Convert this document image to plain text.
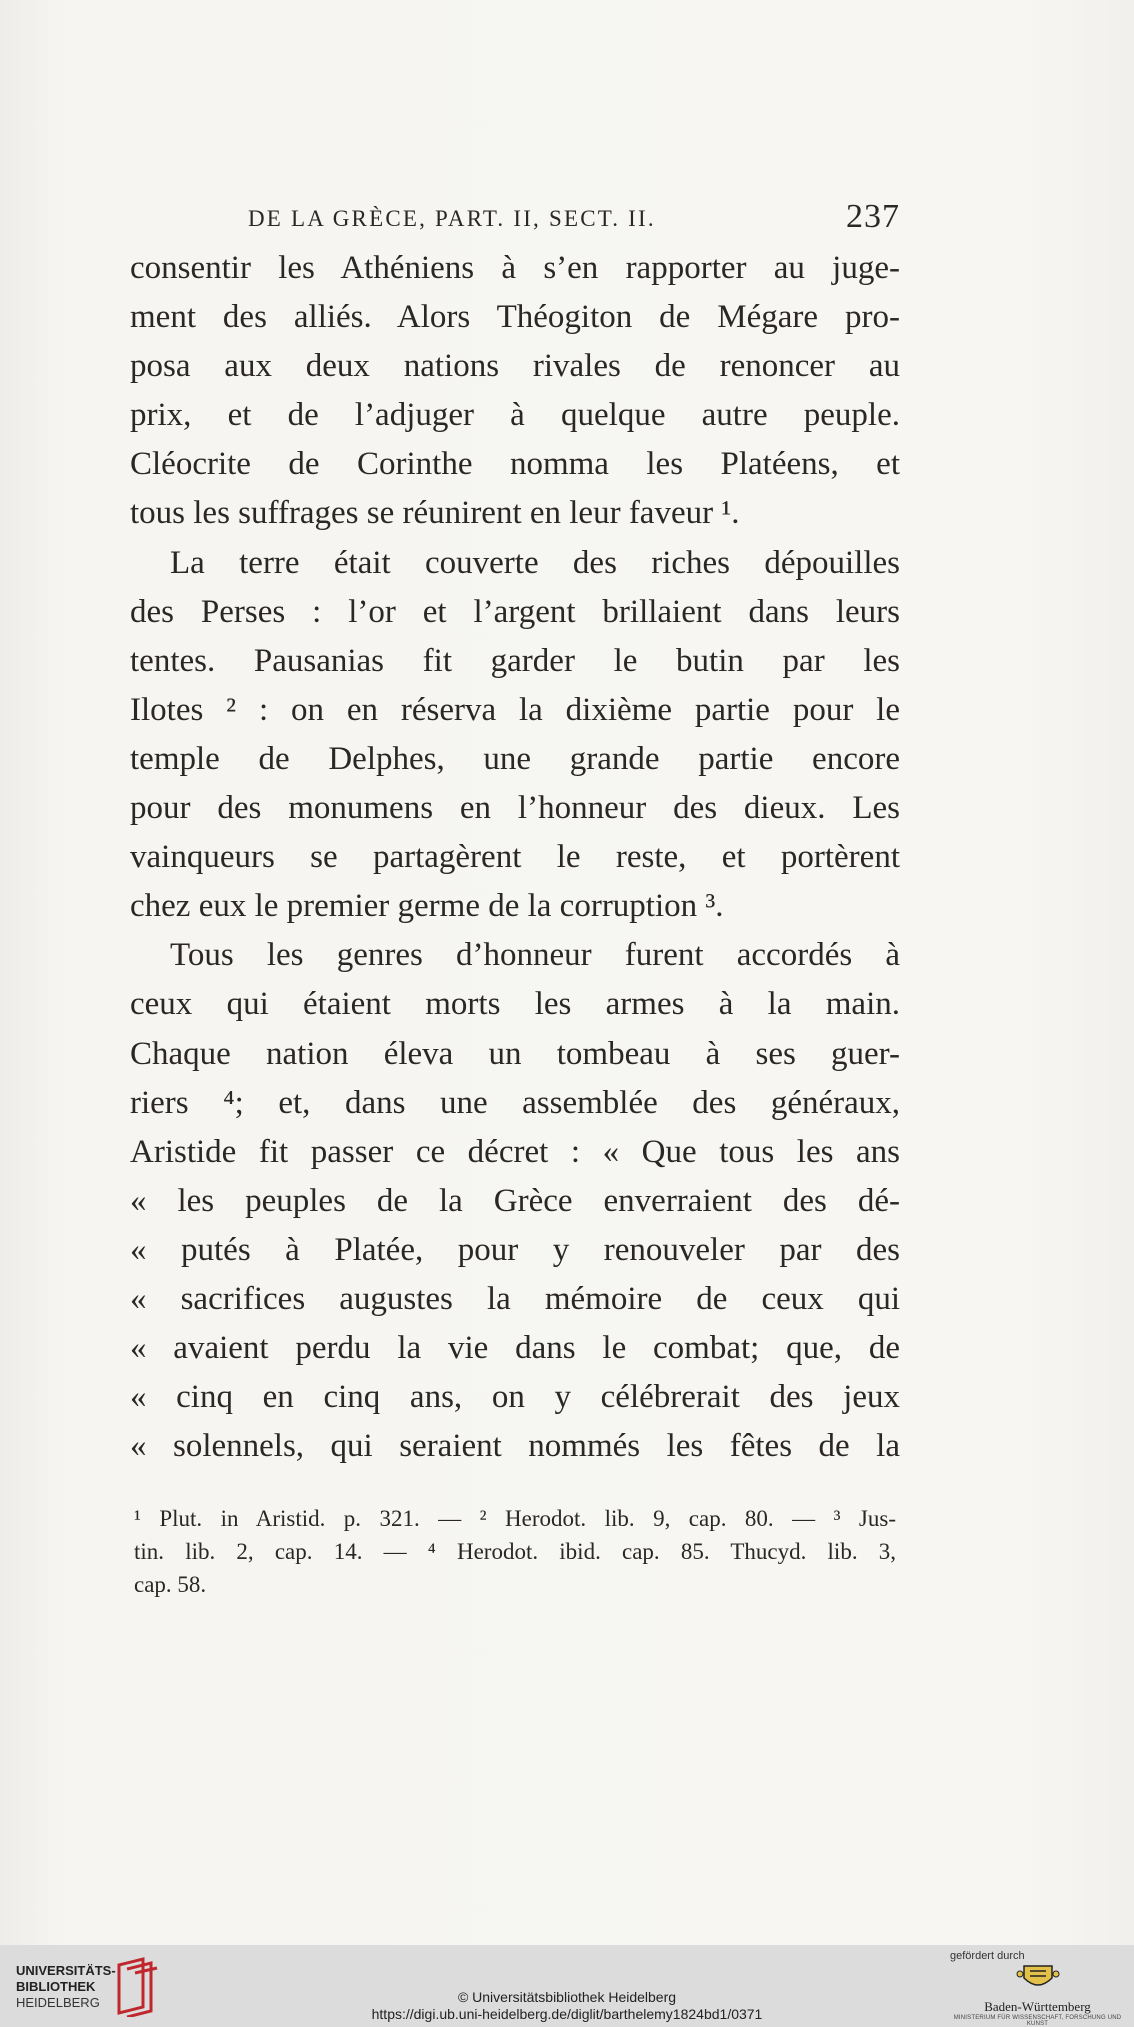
DE LA GRÈCE, PART. II, SECT. II.	237
consentir les Athéniens à s’en rapporter au juge-
ment des alliés. Alors Théogiton de Mégare pro-
posa aux deux nations rivales de renoncer au
prix, et de l’adjuger à quelque autre peuple.
Cléocrite de Corinthe nomma les Platéens, et
tous les suffrages se réunirent en leur faveur ¹.
La terre était couverte des riches dépouilles
des Perses : l’or et l’argent brillaient dans leurs
tentes. Pausanias fit garder le butin par les
Ilotes ² : on en réserva la dixième partie pour le
temple de Delphes, une grande partie encore
pour des monumens en l’honneur des dieux. Les
vainqueurs se partagèrent le reste, et portèrent
chez eux le premier germe de la corruption ³.
Tous les genres d’honneur furent accordés à
ceux qui étaient morts les armes à la main.
Chaque nation éleva un tombeau à ses guer-
riers ⁴; et, dans une assemblée des généraux,
Aristide fit passer ce décret : « Que tous les ans
« les peuples de la Grèce enverraient des dé-
« putés à Platée, pour y renouveler par des
« sacrifices augustes la mémoire de ceux qui
« avaient perdu la vie dans le combat; que, de
« cinq en cinq ans, on y célébrerait des jeux
« solennels, qui seraient nommés les fêtes de la
¹ Plut. in Aristid. p. 321. — ² Herodot. lib. 9, cap. 80. — ³ Jus-
tin. lib. 2, cap. 14. — ⁴ Herodot. ibid. cap. 85. Thucyd. lib. 3,
cap. 58.
UNIVERSITÄTS-
BIBLIOTHEK
HEIDELBERG	© Universitätsbibliothek Heidelberg
https://digi.ub.uni-heidelberg.de/diglit/barthelemy1824bd1/0371
gefördert durch
Baden-Württemberg
MINISTERIUM FÜR WISSENSCHAFT, FORSCHUNG UND KUNST
